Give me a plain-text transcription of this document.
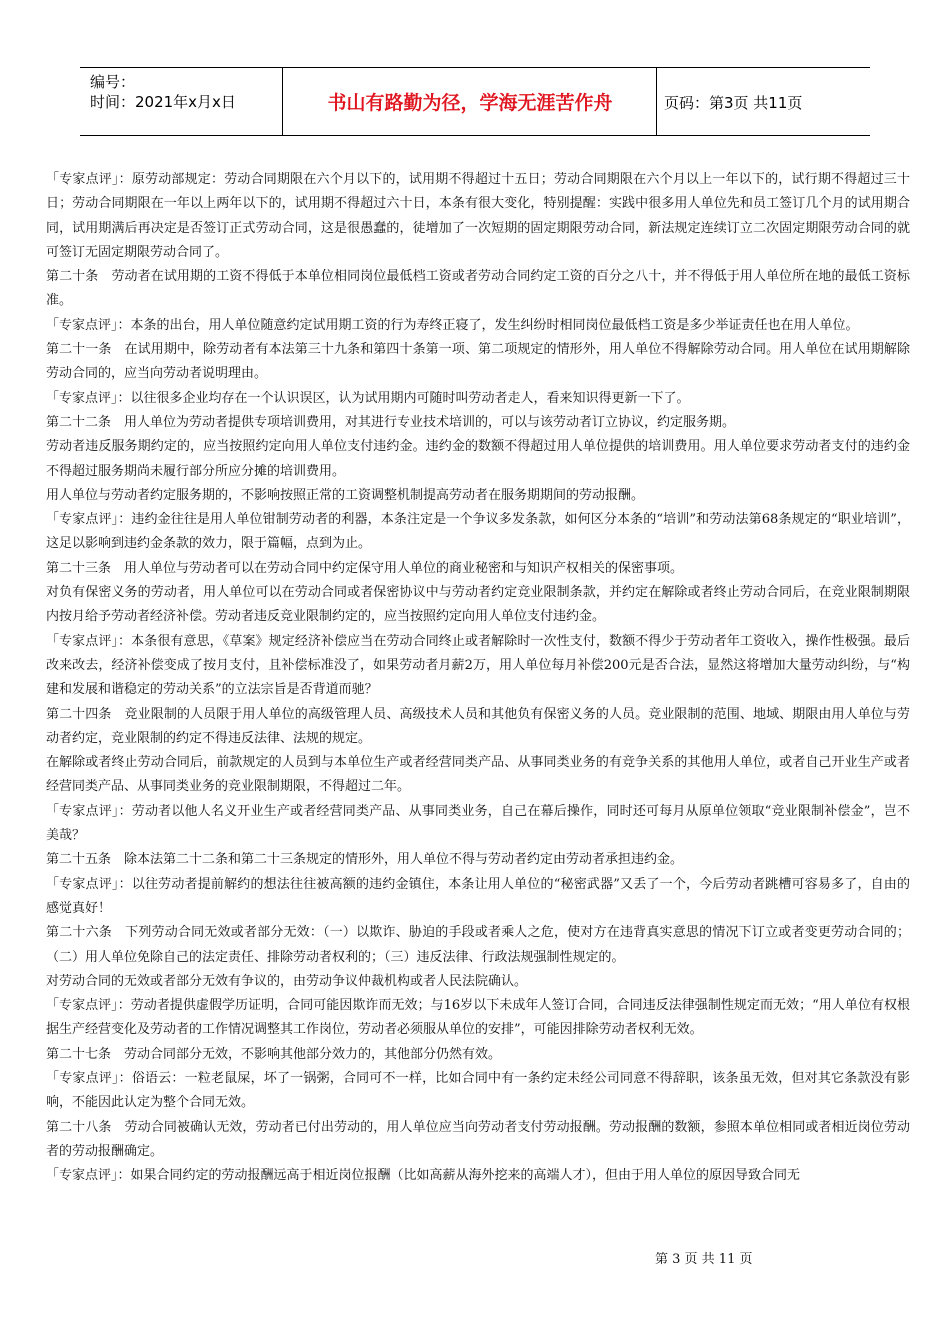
编号：
时间：2021年x月x日	书山有路勤为径，学海无涯苦作舟	页码：第3页 共11页

「专家点评」：原劳动部规定：劳动合同期限在六个月以下的，试用期不得超过十五日；劳动合同期限在六个月以上一年以下的，试行期不得超过三十日；劳动合同期限在一年以上两年以下的，试用期不得超过六十日，本条有很大变化，特别提醒：实践中很多用人单位先和员工签订几个月的试用期合同，试用期满后再决定是否签订正式劳动合同，这是很愚蠢的，徒增加了一次短期的固定期限劳动合同，新法规定连续订立二次固定期限劳动合同的就可签订无固定期限劳动合同了。

第二十条　劳动者在试用期的工资不得低于本单位相同岗位最低档工资或者劳动合同约定工资的百分之八十，并不得低于用人单位所在地的最低工资标准。

「专家点评」：本条的出台，用人单位随意约定试用期工资的行为寿终正寝了，发生纠纷时相同岗位最低档工资是多少举证责任也在用人单位。

第二十一条　在试用期中，除劳动者有本法第三十九条和第四十条第一项、第二项规定的情形外，用人单位不得解除劳动合同。用人单位在试用期解除劳动合同的，应当向劳动者说明理由。

「专家点评」：以往很多企业均存在一个认识误区，认为试用期内可随时叫劳动者走人，看来知识得更新一下了。

第二十二条　用人单位为劳动者提供专项培训费用，对其进行专业技术培训的，可以与该劳动者订立协议，约定服务期。

劳动者违反服务期约定的，应当按照约定向用人单位支付违约金。违约金的数额不得超过用人单位提供的培训费用。用人单位要求劳动者支付的违约金不得超过服务期尚未履行部分所应分摊的培训费用。

用人单位与劳动者约定服务期的，不影响按照正常的工资调整机制提高劳动者在服务期期间的劳动报酬。

「专家点评」：违约金往往是用人单位钳制劳动者的利器，本条注定是一个争议多发条款，如何区分本条的“培训”和劳动法第68条规定的“职业培训”，这足以影响到违约金条款的效力，限于篇幅，点到为止。

第二十三条　用人单位与劳动者可以在劳动合同中约定保守用人单位的商业秘密和与知识产权相关的保密事项。

对负有保密义务的劳动者，用人单位可以在劳动合同或者保密协议中与劳动者约定竞业限制条款，并约定在解除或者终止劳动合同后，在竞业限制期限内按月给予劳动者经济补偿。劳动者违反竞业限制约定的，应当按照约定向用人单位支付违约金。

「专家点评」：本条很有意思，《草案》规定经济补偿应当在劳动合同终止或者解除时一次性支付，数额不得少于劳动者年工资收入，操作性极强。最后改来改去，经济补偿变成了按月支付，且补偿标准没了，如果劳动者月薪2万，用人单位每月补偿200元是否合法，显然这将增加大量劳动纠纷，与“构建和发展和谐稳定的劳动关系”的立法宗旨是否背道而驰？

第二十四条　竞业限制的人员限于用人单位的高级管理人员、高级技术人员和其他负有保密义务的人员。竞业限制的范围、地域、期限由用人单位与劳动者约定，竞业限制的约定不得违反法律、法规的规定。

在解除或者终止劳动合同后，前款规定的人员到与本单位生产或者经营同类产品、从事同类业务的有竞争关系的其他用人单位，或者自己开业生产或者经营同类产品、从事同类业务的竞业限制期限，不得超过二年。

「专家点评」：劳动者以他人名义开业生产或者经营同类产品、从事同类业务，自己在幕后操作，同时还可每月从原单位领取“竞业限制补偿金”，岂不美哉？

第二十五条　除本法第二十二条和第二十三条规定的情形外，用人单位不得与劳动者约定由劳动者承担违约金。

「专家点评」：以往劳动者提前解约的想法往往被高额的违约金镇住，本条让用人单位的“秘密武器”又丢了一个，今后劳动者跳槽可容易多了，自由的感觉真好！

第二十六条　下列劳动合同无效或者部分无效：（一）以欺诈、胁迫的手段或者乘人之危，使对方在违背真实意思的情况下订立或者变更劳动合同的；（二）用人单位免除自己的法定责任、排除劳动者权利的；（三）违反法律、行政法规强制性规定的。

对劳动合同的无效或者部分无效有争议的，由劳动争议仲裁机构或者人民法院确认。

「专家点评」：劳动者提供虚假学历证明，合同可能因欺诈而无效；与16岁以下未成年人签订合同，合同违反法律强制性规定而无效；“用人单位有权根据生产经营变化及劳动者的工作情况调整其工作岗位，劳动者必须服从单位的安排”，可能因排除劳动者权利无效。

第二十七条　劳动合同部分无效，不影响其他部分效力的，其他部分仍然有效。

「专家点评」：俗语云：一粒老鼠屎，坏了一锅粥，合同可不一样，比如合同中有一条约定未经公司同意不得辞职，该条虽无效，但对其它条款没有影响，不能因此认定为整个合同无效。

第二十八条　劳动合同被确认无效，劳动者已付出劳动的，用人单位应当向劳动者支付劳动报酬。劳动报酬的数额，参照本单位相同或者相近岗位劳动者的劳动报酬确定。

「专家点评」：如果合同约定的劳动报酬远高于相近岗位报酬（比如高薪从海外挖来的高端人才），但由于用人单位的原因导致合同无

第 3 页 共 11 页
